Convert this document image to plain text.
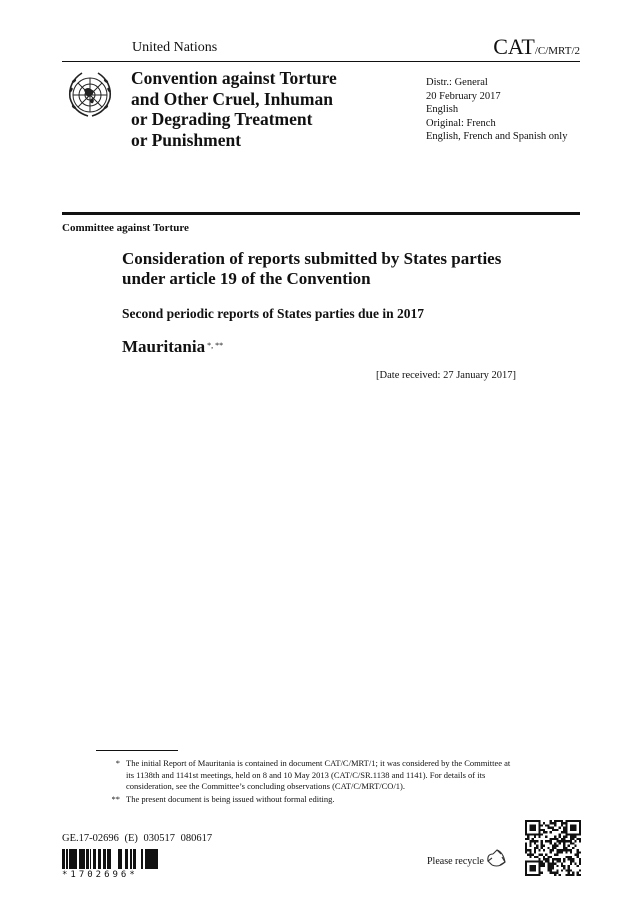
United Nations	CAT/C/MRT/2
Convention against Torture
and Other Cruel, Inhuman
or Degrading Treatment
or Punishment
Distr.: General
20 February 2017
English
Original: French
English, French and Spanish only
Committee against Torture
Consideration of reports submitted by States parties under article 19 of the Convention
Second periodic reports of States parties due in 2017
Mauritania *, **
[Date received: 27 January 2017]
* The initial Report of Mauritania is contained in document CAT/C/MRT/1; it was considered by the Committee at its 1138th and 1141st meetings, held on 8 and 10 May 2013 (CAT/C/SR.1138 and 1141). For details of its consideration, see the Committee’s concluding observations (CAT/C/MRT/CO/1).
** The present document is being issued without formal editing.
GE.17-02696 (E) 030517 080617
*1702696*
Please recycle
